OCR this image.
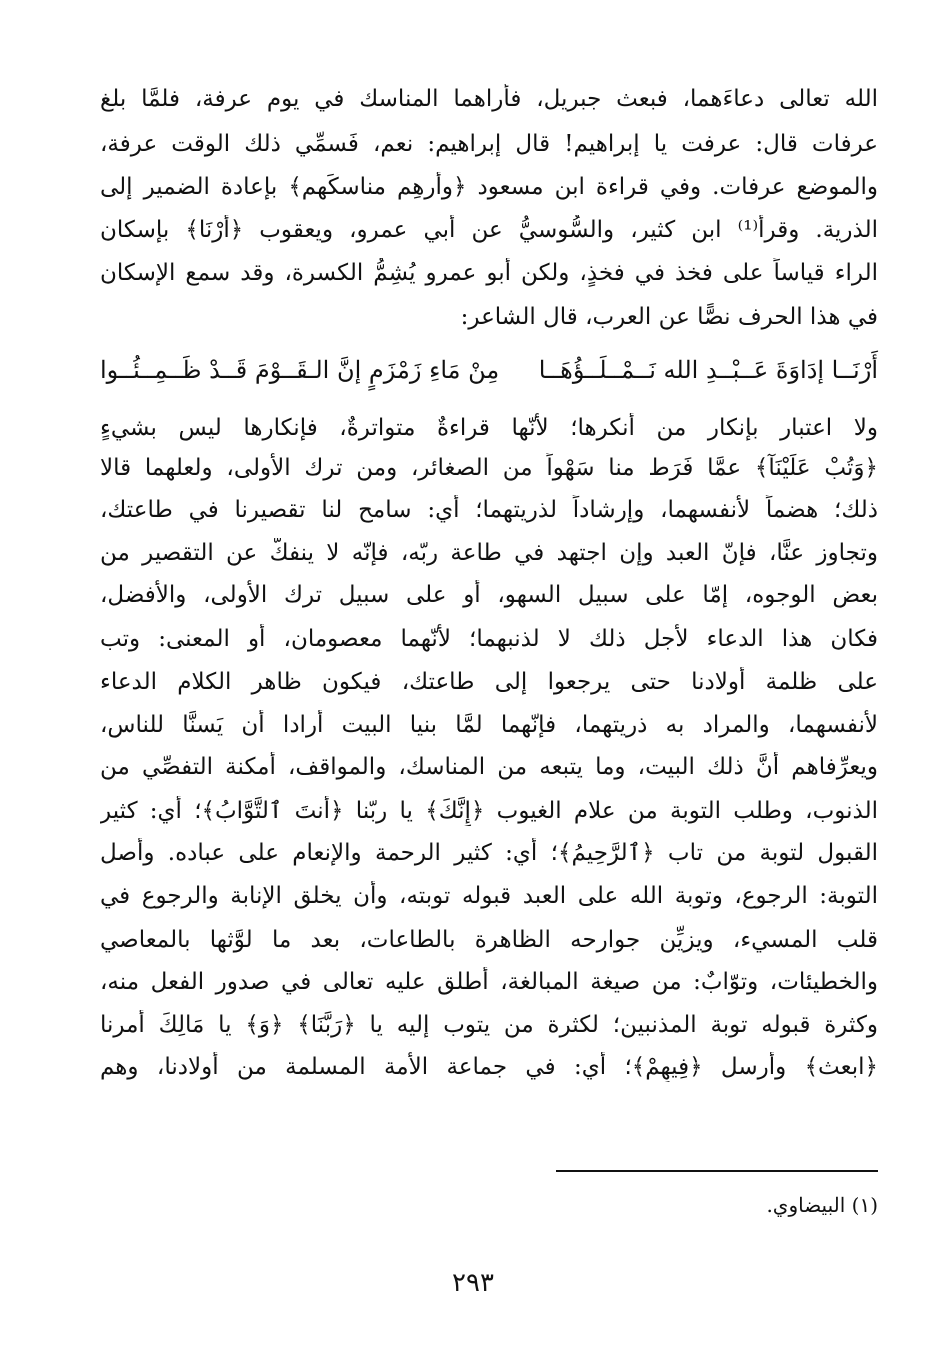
الله تعالى دعاءَهما، فبعث جبريل، فأراهما المناسك في يوم عرفة، فلمَّا بلغ
عرفات قال: عرفت يا إبراهيم! قال إبراهيم: نعم، فَسمِّي ذلك الوقت عرفة،
والموضع عرفات. وفي قراءة ابن مسعود ﴿وأرهِم مناسكَهم﴾ بإعادة الضمير إلى
الذرية. وقرأ⁽¹⁾ ابن كثير، والسُّوسيُّ عن أبي عمرو، ويعقوب ﴿أَرْنَا﴾ بإسكان
الراء قياساً على فخذ في فخذٍ، ولكن أبو عمرو يُشِمُّ الكسرة، وقد سمع الإسكان
في هذا الحرف نصًّا عن العرب، قال الشاعر:
أَرْنَــا إدَاوَةَ عَــبْــدِ الله نَــمْــلَــؤُهَــا
مِنْ مَاءِ زَمْزَمٍ إنَّ الـقَــوْمَ قَــدْ ظَــمِــئُــوا
ولا اعتبار بإنكار من أنكرها؛ لأنّها قراءةٌ متواترةٌ، فإنكارها ليس بشيءٍ
﴿وَتُبْ عَلَيْنَآ﴾ عمَّا فَرَط منا سَهْواً من الصغائر، ومن ترك الأولى، ولعلهما قالا
ذلك؛ هضماً لأنفسهما، وإرشاداً لذريتهما؛ أي: سامح لنا تقصيرنا في طاعتك،
وتجاوز عنَّا، فإنّ العبد وإن اجتهد في طاعة ربّه، فإنّه لا ينفكُّ عن التقصير من
بعض الوجوه، إمّا على سبيل السهو، أو على سبيل ترك الأولى، والأفضل،
فكان هذا الدعاء لأجل ذلك لا لذنبهما؛ لأنّهما معصومان، أو المعنى: وتب
على ظلمة أولادنا حتى يرجعوا إلى طاعتك، فيكون ظاهر الكلام الدعاء
لأنفسهما، والمراد به ذريتهما، فإنّهما لمَّا بنيا البيت أرادا أن يَسنَّا للناس،
ويعرِّفاهم أنَّ ذلك البيت، وما يتبعه من المناسك، والمواقف، أمكنة التفصِّي من
الذنوب، وطلب التوبة من علام الغيوب ﴿إِنَّكَ﴾ يا ربّنا ﴿أَنتَ ٱلتَّوَّابُ﴾؛ أي: كثير
القبول لتوبة من تاب ﴿ٱلرَّحِيمُ﴾؛ أي: كثير الرحمة والإنعام على عباده. وأصل
التوبة: الرجوع، وتوبة الله على العبد قبوله توبته، وأن يخلق الإنابة والرجوع في
قلب المسيء، ويزيِّن جوارحه الظاهرة بالطاعات، بعد ما لوَّثها بالمعاصي
والخطيئات، وتوّابٌ: من صيغة المبالغة، أُطلق عليه تعالى في صدور الفعل منه،
وكثرة قبوله توبة المذنبين؛ لكثرة من يتوب إليه يا ﴿رَبَّنَا﴾ ﴿وَ﴾ يا مَالِكَ أمرنا
﴿ابعث﴾ وأرسل ﴿فِيهِمْ﴾؛ أي: في جماعة الأمة المسلمة من أولادنا، وهم
(١) البيضاوي.
٢٩٣
